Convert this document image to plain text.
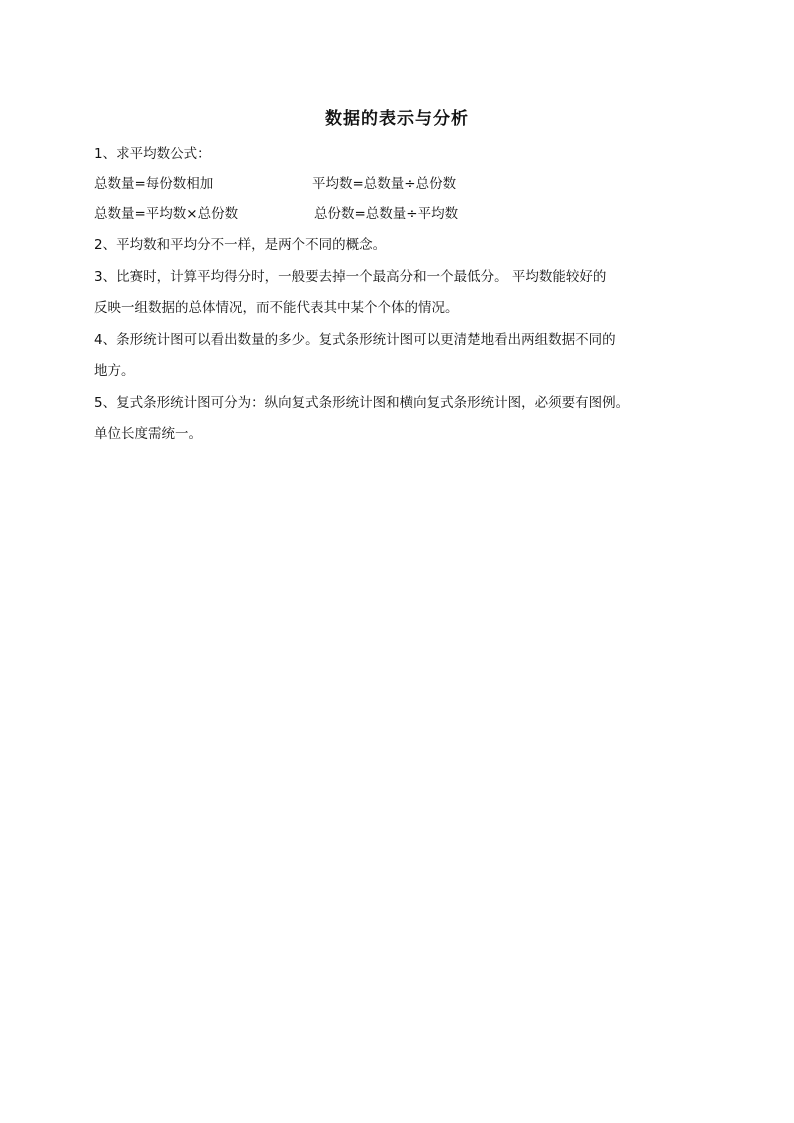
数据的表示与分析
1、求平均数公式：
总数量=每份数相加	平均数=总数量÷总份数
总数量=平均数×总份数	总份数=总数量÷平均数
2、平均数和平均分不一样，是两个不同的概念。
3、比赛时，计算平均得分时，一般要去掉一个最高分和一个最低分。 平均数能较好的
反映一组数据的总体情况，而不能代表其中某个个体的情况。
4、条形统计图可以看出数量的多少。复式条形统计图可以更清楚地看出两组数据不同的
地方。
5、复式条形统计图可分为：纵向复式条形统计图和横向复式条形统计图，必须要有图例。
单位长度需统一。
